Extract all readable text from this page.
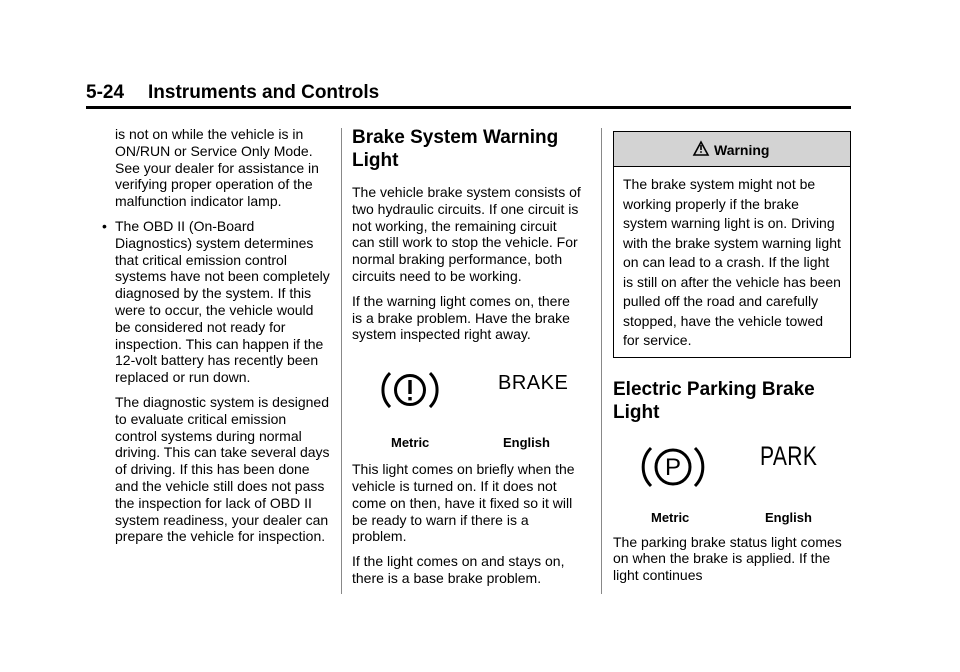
5-24 Instruments and Controls

is not on while the vehicle is in ON/RUN or Service Only Mode. See your dealer for assistance in verifying proper operation of the malfunction indicator lamp.

• The OBD II (On-Board Diagnostics) system determines that critical emission control systems have not been completely diagnosed by the system. If this were to occur, the vehicle would be considered not ready for inspection. This can happen if the 12-volt battery has recently been replaced or run down.

The diagnostic system is designed to evaluate critical emission control systems during normal driving. This can take several days of driving. If this has been done and the vehicle still does not pass the inspection for lack of OBD II system readiness, your dealer can prepare the vehicle for inspection.

Brake System Warning Light

The vehicle brake system consists of two hydraulic circuits. If one circuit is not working, the remaining circuit can still work to stop the vehicle. For normal braking performance, both circuits need to be working.

If the warning light comes on, there is a brake problem. Have the brake system inspected right away.

BRAKE
Metric	English

This light comes on briefly when the vehicle is turned on. If it does not come on then, have it fixed so it will be ready to warn if there is a problem.

If the light comes on and stays on, there is a base brake problem.

Warning
The brake system might not be working properly if the brake system warning light is on. Driving with the brake system warning light on can lead to a crash. If the light is still on after the vehicle has been pulled off the road and carefully stopped, have the vehicle towed for service.
Electric Parking Brake Light
P	PARK
Metric	English

The parking brake status light comes on when the brake is applied. If the light continues
